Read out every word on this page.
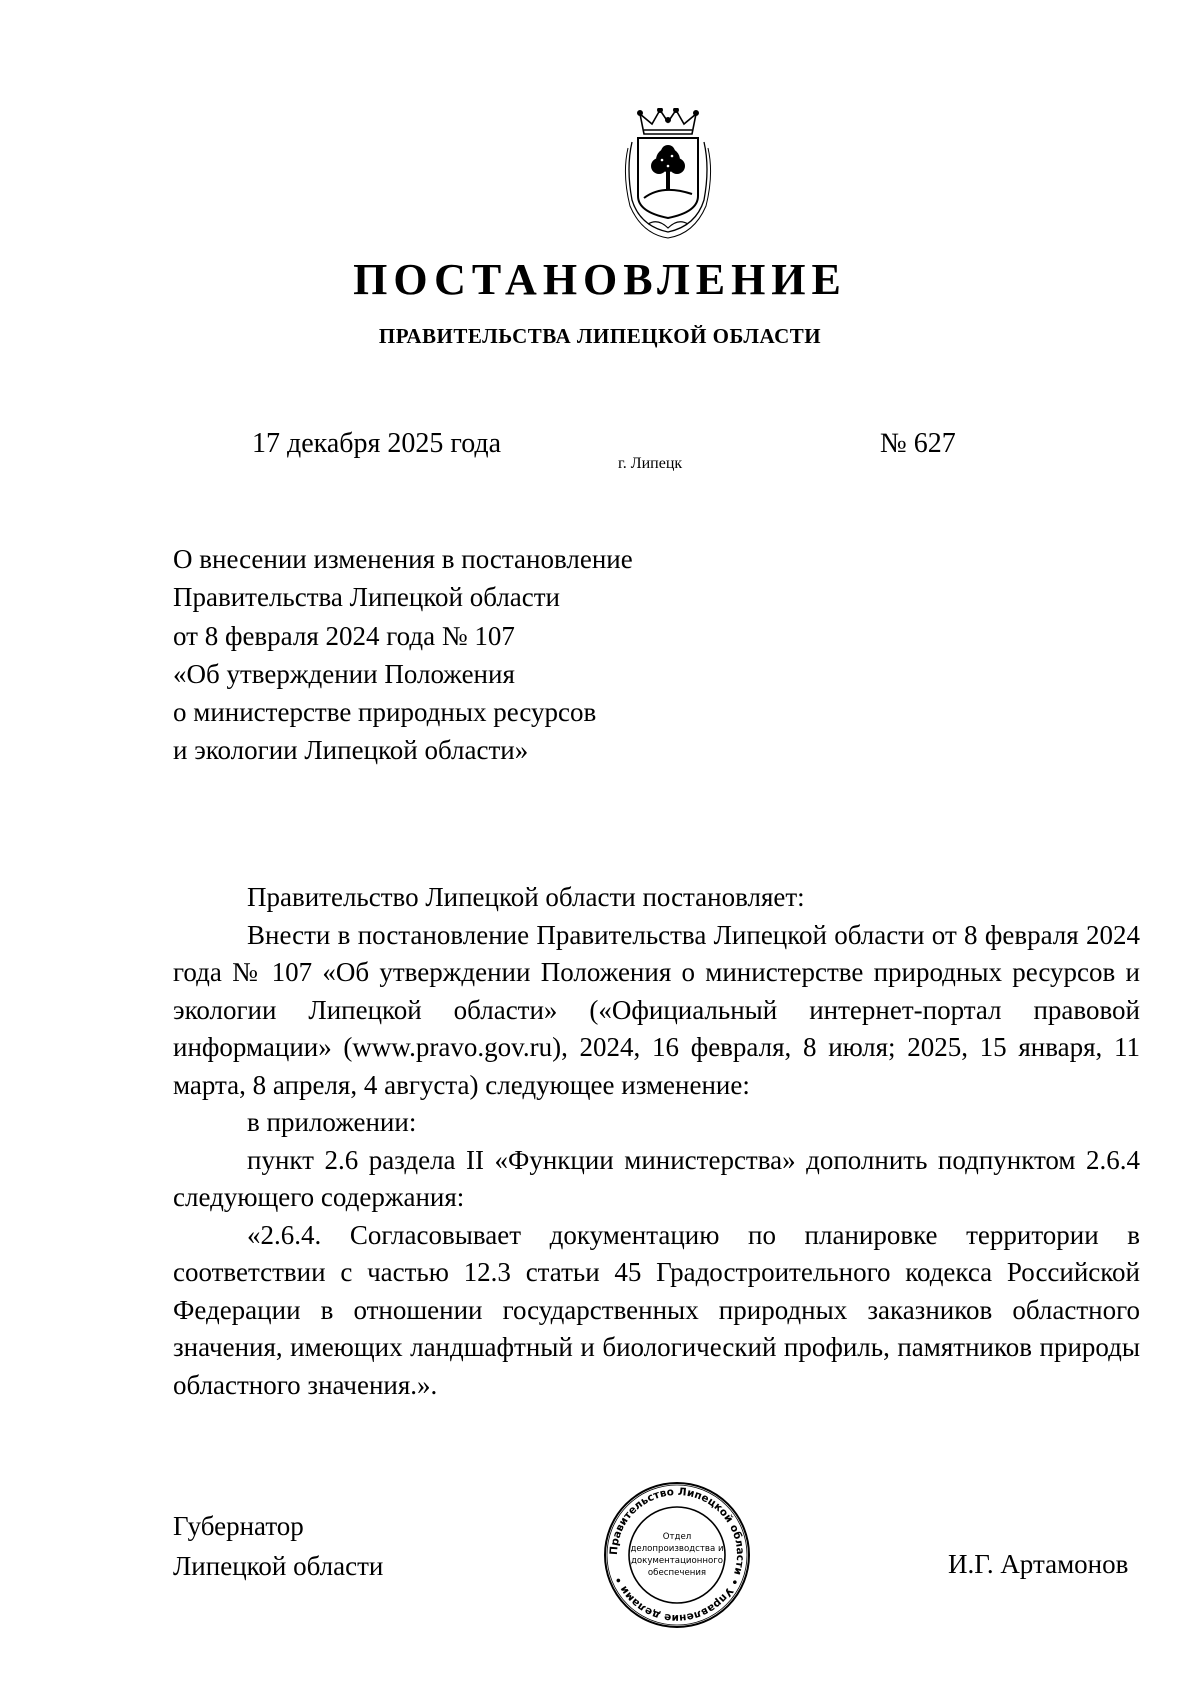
ПОСТАНОВЛЕНИЕ
ПРАВИТЕЛЬСТВА ЛИПЕЦКОЙ ОБЛАСТИ
17 декабря 2025 года
г. Липецк
№ 627
О внесении изменения в постановление
Правительства Липецкой области
от 8 февраля 2024 года № 107
«Об утверждении Положения
о министерстве природных ресурсов
и экологии Липецкой области»

Правительство Липецкой области постановляет:

Внести в постановление Правительства Липецкой области от 8 февраля 2024 года № 107 «Об утверждении Положения о министерстве природных ресурсов и экологии Липецкой области» («Официальный интернет-портал правовой информации» (www.pravo.gov.ru), 2024, 16 февраля, 8 июля; 2025, 15 января, 11 марта, 8 апреля, 4 августа) следующее изменение:

в приложении:

пункт 2.6 раздела II «Функции министерства» дополнить подпунктом 2.6.4 следующего содержания:

«2.6.4. Согласовывает документацию по планировке территории в соответствии с частью 12.3 статьи 45 Градостроительного кодекса Российской Федерации в отношении государственных природных заказников областного значения, имеющих ландшафтный и биологический профиль, памятников природы областного значения.».

Губернатор
Липецкой области	И.Г. Артамонов
Правительство Липецкой области • Управление делами •
Отдел
делопроизводства и
документационного
обеспечения
